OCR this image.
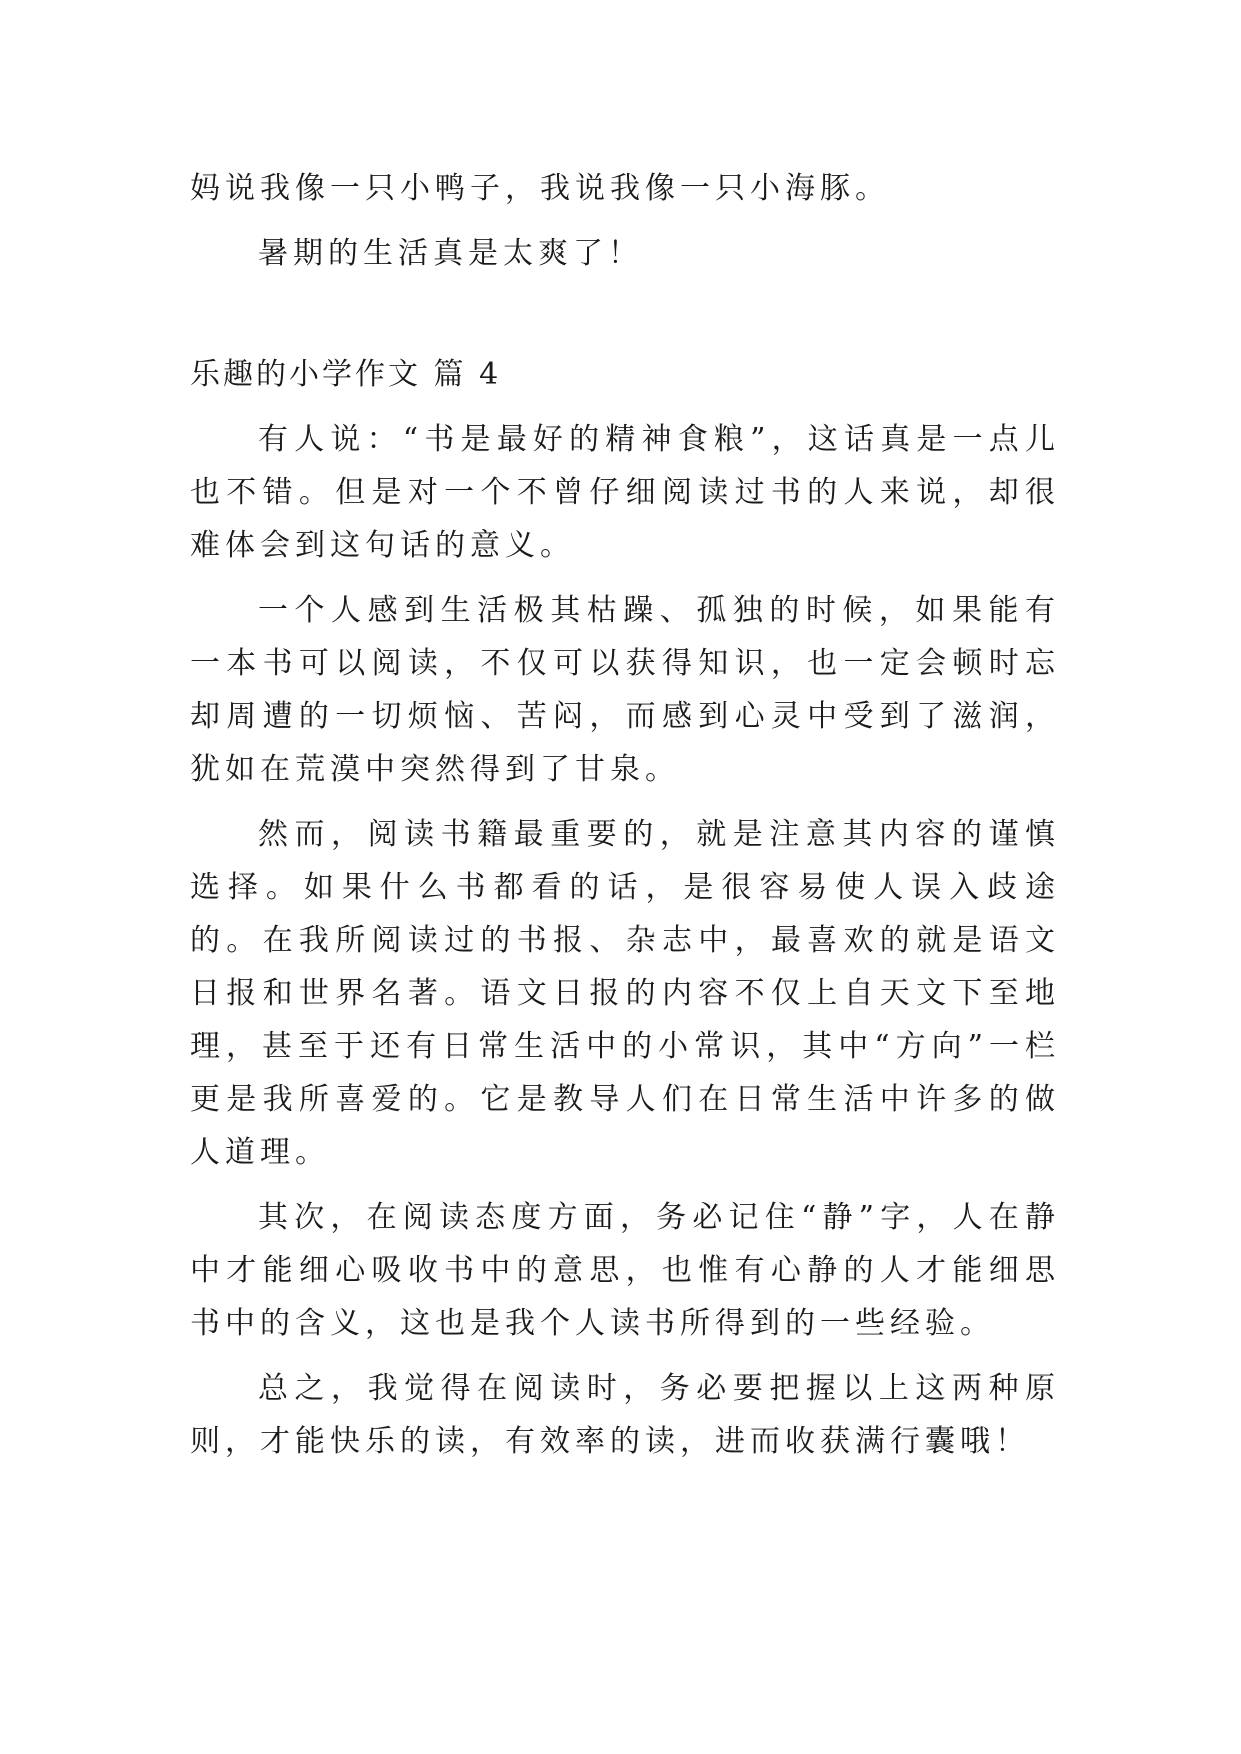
妈说我像一只小鸭子，我说我像一只小海豚。

暑期的生活真是太爽了！

乐趣的小学作文 篇 4

有人说：“书是最好的精神食粮”，这话真是一点儿也不错。但是对一个不曾仔细阅读过书的人来说，却很难体会到这句话的意义。

一个人感到生活极其枯躁、孤独的时候，如果能有一本书可以阅读，不仅可以获得知识，也一定会顿时忘却周遭的一切烦恼、苦闷，而感到心灵中受到了滋润，犹如在荒漠中突然得到了甘泉。

然而，阅读书籍最重要的，就是注意其内容的谨慎选择。如果什么书都看的话，是很容易使人误入歧途的。在我所阅读过的书报、杂志中，最喜欢的就是语文日报和世界名著。语文日报的内容不仅上自天文下至地理，甚至于还有日常生活中的小常识，其中“方向”一栏更是我所喜爱的。它是教导人们在日常生活中许多的做人道理。

其次，在阅读态度方面，务必记住“静”字，人在静中才能细心吸收书中的意思，也惟有心静的人才能细思书中的含义，这也是我个人读书所得到的一些经验。

总之，我觉得在阅读时，务必要把握以上这两种原则，才能快乐的读，有效率的读，进而收获满行囊哦！
